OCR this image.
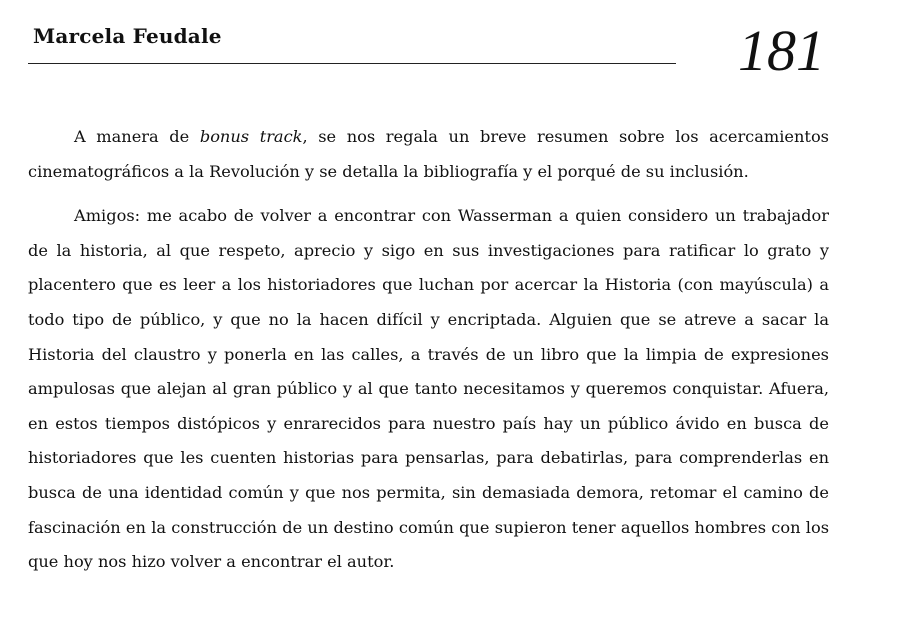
Marcela Feudale	181

A manera de bonus track, se nos regala un breve resumen sobre los acercamientos cinematográficos a la Revolución y se detalla la bibliografía y el porqué de su inclusión.

Amigos: me acabo de volver a encontrar con Wasserman a quien considero un trabajador de la historia, al que respeto, aprecio y sigo en sus investigaciones para ratificar lo grato y placentero que es leer a los historiadores que luchan por acercar la Historia (con mayúscula) a todo tipo de público, y que no la hacen difícil y encriptada. Alguien que se atreve a sacar la Historia del claustro y ponerla en las calles, a través de un libro que la limpia de expresiones ampulosas que alejan al gran público y al que tanto necesitamos y queremos conquistar. Afuera, en estos tiempos distópicos y enrarecidos para nuestro país hay un público ávido en busca de historiadores que les cuenten historias para pensarlas, para debatirlas, para comprenderlas en busca de una identidad común y que nos permita, sin demasiada demora, retomar el camino de fascinación en la construcción de un destino común que supieron tener aquellos hombres con los que hoy nos hizo volver a encontrar el autor.
